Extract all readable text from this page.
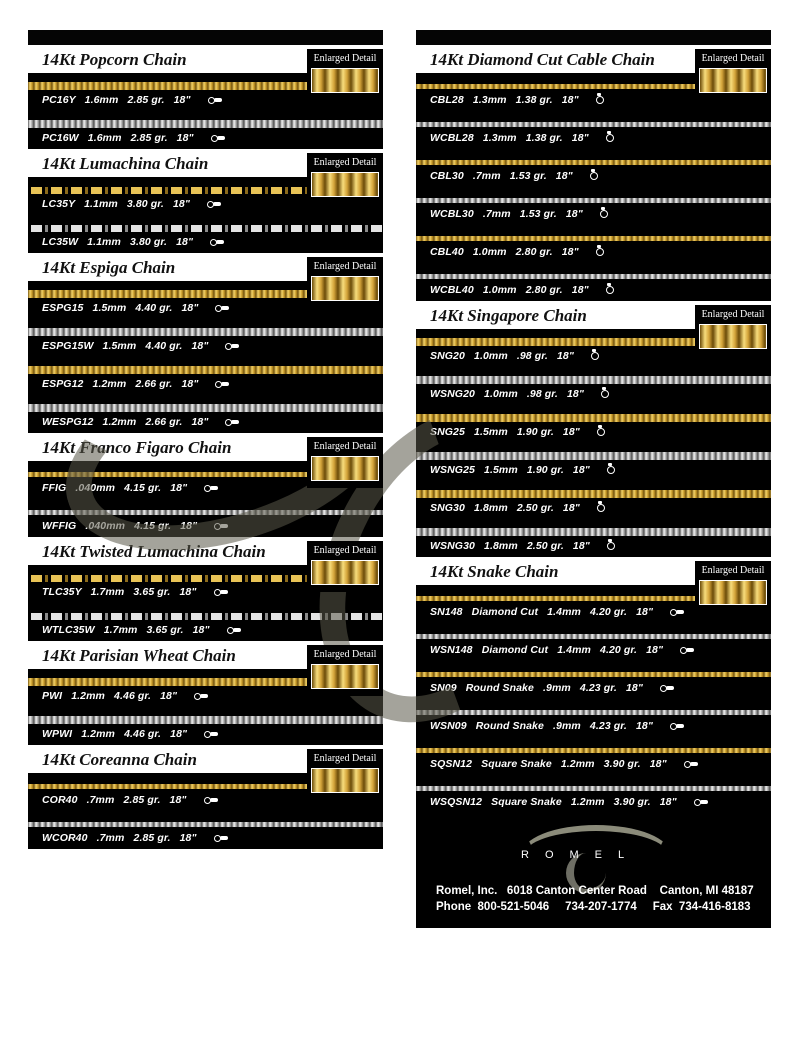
14Kt Popcorn Chain	Enlarged Detail
PC16Y 1.6mm 2.85 gr. 18"
PC16W 1.6mm 2.85 gr. 18"
14Kt Lumachina Chain	Enlarged Detail
LC35Y 1.1mm 3.80 gr. 18"
LC35W 1.1mm 3.80 gr. 18"
14Kt Espiga Chain	Enlarged Detail
ESPG15 1.5mm 4.40 gr. 18"
ESPG15W 1.5mm 4.40 gr. 18"
ESPG12 1.2mm 2.66 gr. 18"
WESPG12 1.2mm 2.66 gr. 18"
14Kt Franco Figaro Chain	Enlarged Detail
FFIG .040mm 4.15 gr. 18"
WFFIG .040mm 4.15 gr. 18"
14Kt Twisted Lumachina Chain	Enlarged Detail
TLC35Y 1.7mm 3.65 gr. 18"
WTLC35W 1.7mm 3.65 gr. 18"
14Kt Parisian Wheat Chain	Enlarged Detail
PWI 1.2mm 4.46 gr. 18"
WPWI 1.2mm 4.46 gr. 18"
14Kt Coreanna Chain	Enlarged Detail
COR40 .7mm 2.85 gr. 18"
WCOR40 .7mm 2.85 gr. 18"
14Kt Diamond Cut Cable Chain	Enlarged Detail
CBL28 1.3mm 1.38 gr. 18"
WCBL28 1.3mm 1.38 gr. 18"
CBL30 .7mm 1.53 gr. 18"
WCBL30 .7mm 1.53 gr. 18"
CBL40 1.0mm 2.80 gr. 18"
WCBL40 1.0mm 2.80 gr. 18"
14Kt Singapore Chain	Enlarged Detail
SNG20 1.0mm .98 gr. 18"
WSNG20 1.0mm .98 gr. 18"
SNG25 1.5mm 1.90 gr. 18"
WSNG25 1.5mm 1.90 gr. 18"
SNG30 1.8mm 2.50 gr. 18"
WSNG30 1.8mm 2.50 gr. 18"
14Kt Snake Chain	Enlarged Detail
SN148 Diamond Cut 1.4mm 4.20 gr. 18"
WSN148 Diamond Cut 1.4mm 4.20 gr. 18"
SN09 Round Snake .9mm 4.23 gr. 18"
WSN09 Round Snake .9mm 4.23 gr. 18"
SQSN12 Square Snake 1.2mm 3.90 gr. 18"
WSQSN12 Square Snake 1.2mm 3.90 gr. 18"
ROMEL
Romel, Inc.   6018 Canton Center Road    Canton, MI 48187
Phone  800-521-5046     734-207-1774     Fax  734-416-8183
